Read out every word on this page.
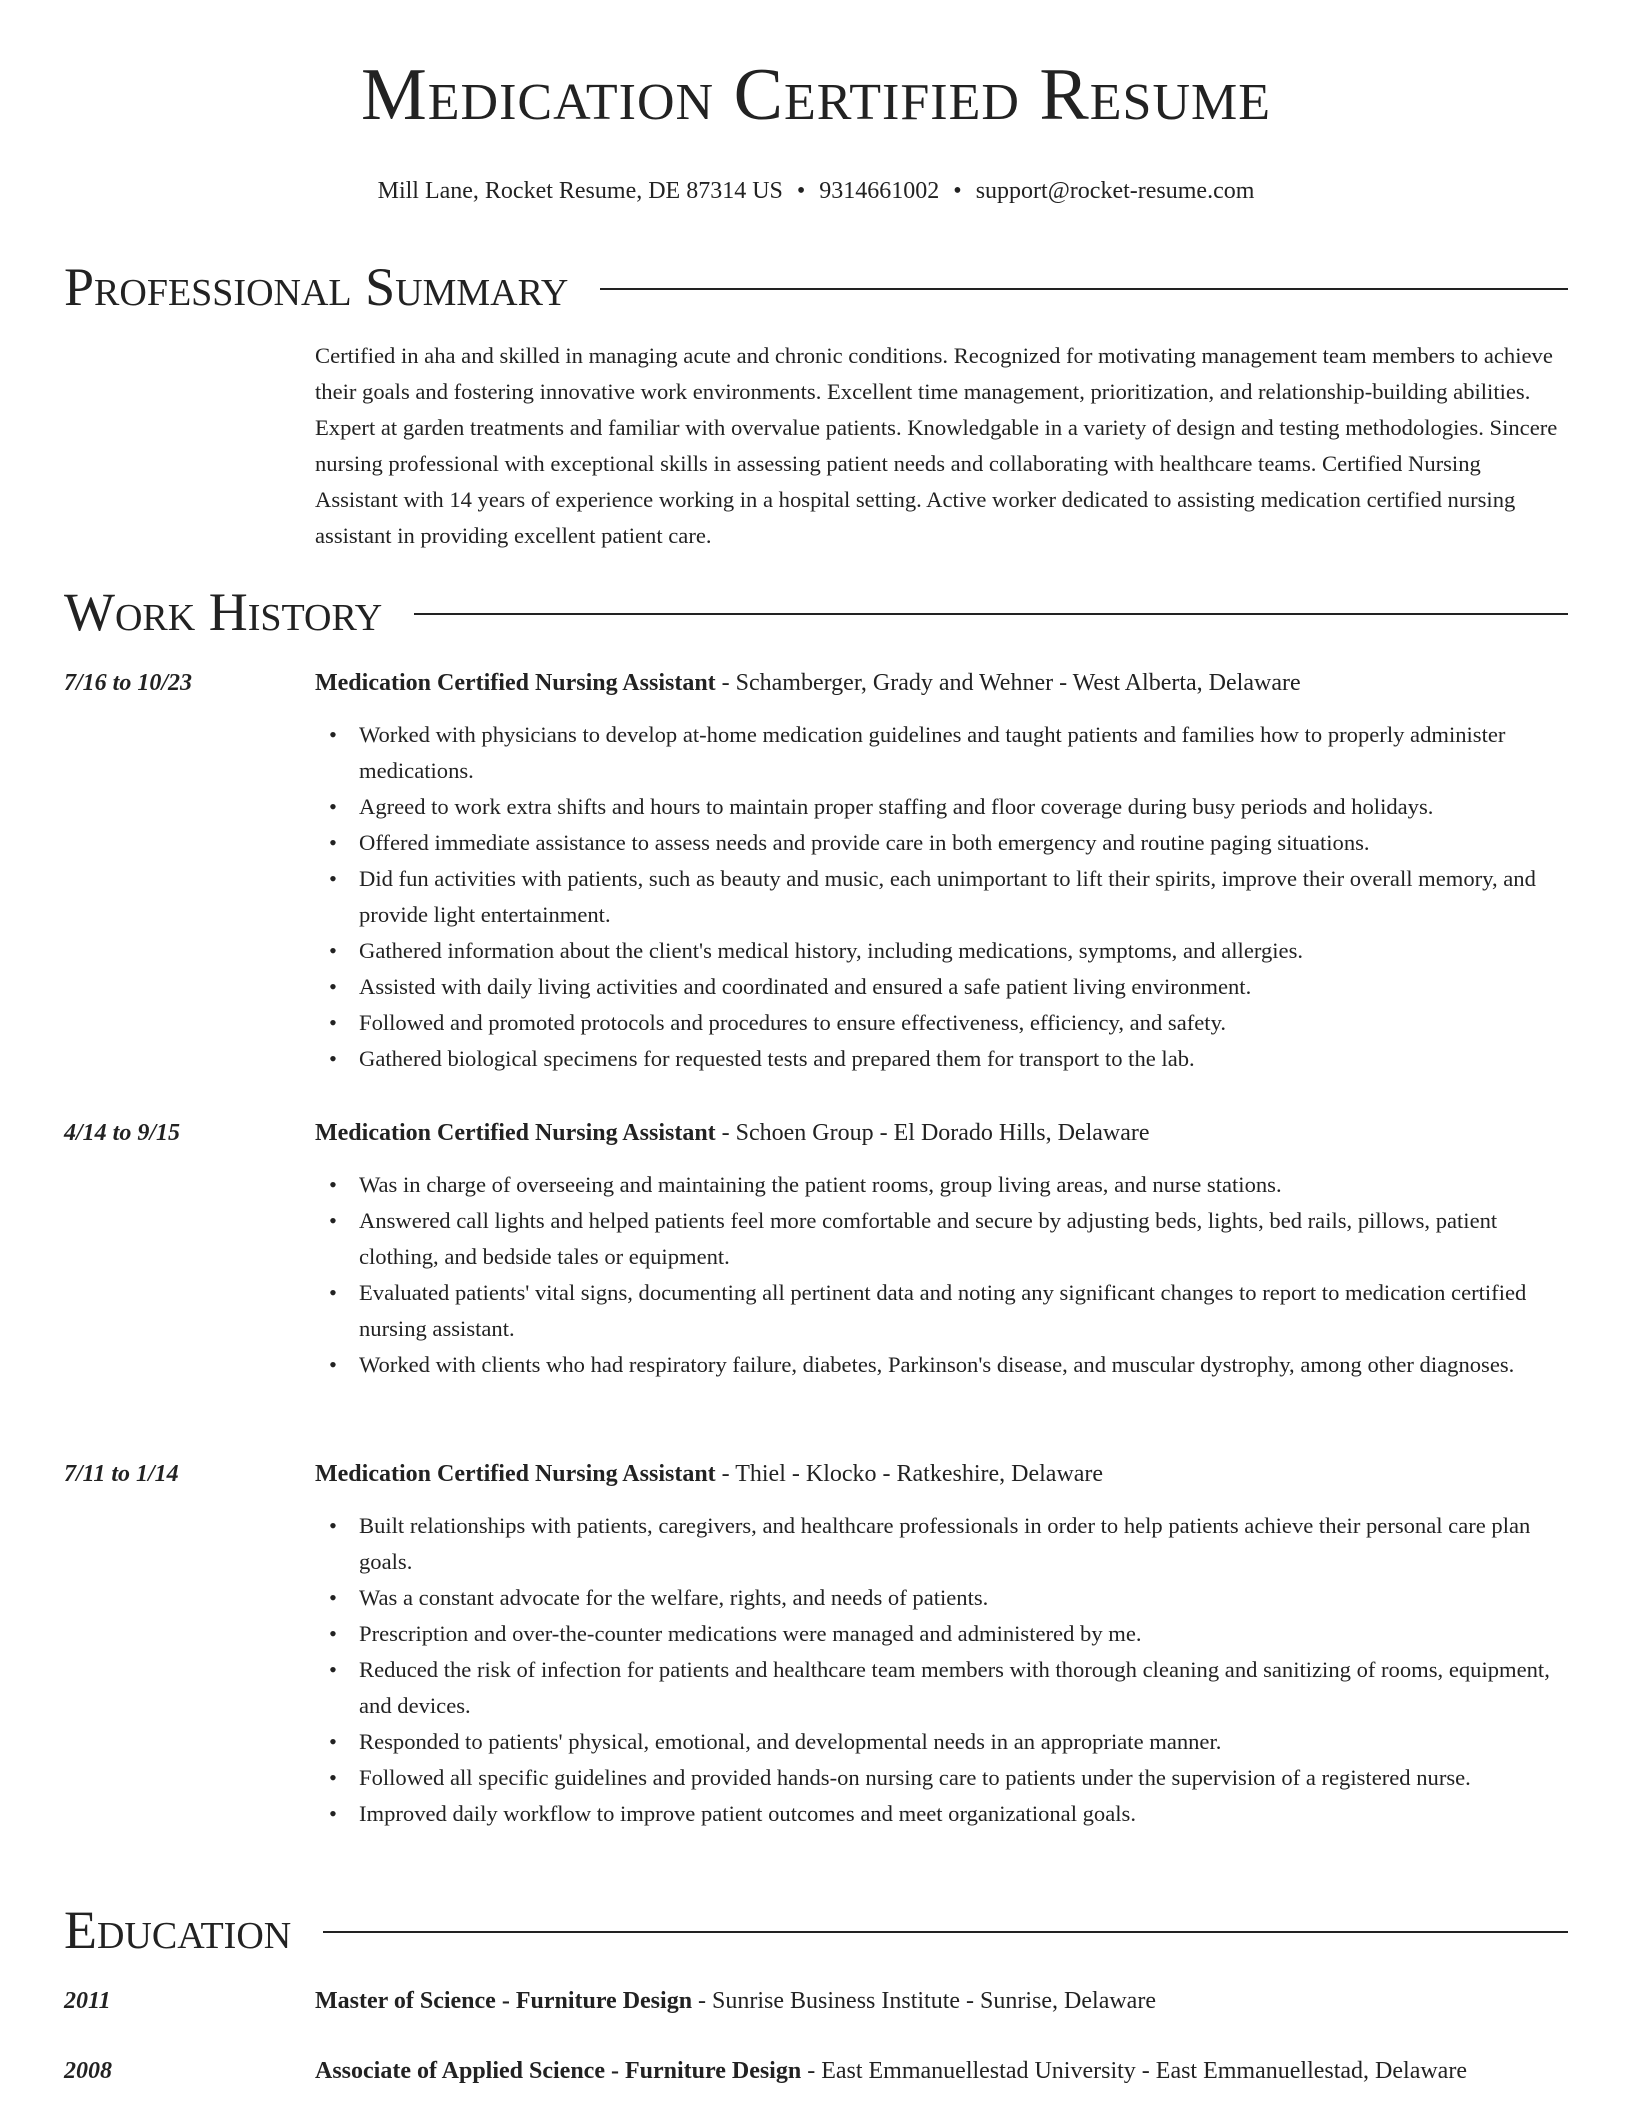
Medication Certified Resume
Mill Lane, Rocket Resume, DE 87314 US • 9314661002 • support@rocket-resume.com
Professional Summary

Certified in aha and skilled in managing acute and chronic conditions. Recognized for motivating management team members to achieve their goals and fostering innovative work environments. Excellent time management, prioritization, and relationship-building abilities. Expert at garden treatments and familiar with overvalue patients. Knowledgable in a variety of design and testing methodologies. Sincere nursing professional with exceptional skills in assessing patient needs and collaborating with healthcare teams. Certified Nursing Assistant with 14 years of experience working in a hospital setting. Active worker dedicated to assisting medication certified nursing assistant in providing excellent patient care.

Work History
7/16 to 10/23	Medication Certified Nursing Assistant - Schamberger, Grady and Wehner - West Alberta, Delaware
• Worked with physicians to develop at-home medication guidelines and taught patients and families how to properly administer medications.
• Agreed to work extra shifts and hours to maintain proper staffing and floor coverage during busy periods and holidays.
• Offered immediate assistance to assess needs and provide care in both emergency and routine paging situations.
• Did fun activities with patients, such as beauty and music, each unimportant to lift their spirits, improve their overall memory, and provide light entertainment.
• Gathered information about the client's medical history, including medications, symptoms, and allergies.
• Assisted with daily living activities and coordinated and ensured a safe patient living environment.
• Followed and promoted protocols and procedures to ensure effectiveness, efficiency, and safety.
• Gathered biological specimens for requested tests and prepared them for transport to the lab.
4/14 to 9/15	Medication Certified Nursing Assistant - Schoen Group - El Dorado Hills, Delaware
• Was in charge of overseeing and maintaining the patient rooms, group living areas, and nurse stations.
• Answered call lights and helped patients feel more comfortable and secure by adjusting beds, lights, bed rails, pillows, patient clothing, and bedside tales or equipment.
• Evaluated patients' vital signs, documenting all pertinent data and noting any significant changes to report to medication certified nursing assistant.
• Worked with clients who had respiratory failure, diabetes, Parkinson's disease, and muscular dystrophy, among other diagnoses.
7/11 to 1/14	Medication Certified Nursing Assistant - Thiel - Klocko - Ratkeshire, Delaware
• Built relationships with patients, caregivers, and healthcare professionals in order to help patients achieve their personal care plan goals.
• Was a constant advocate for the welfare, rights, and needs of patients.
• Prescription and over-the-counter medications were managed and administered by me.
• Reduced the risk of infection for patients and healthcare team members with thorough cleaning and sanitizing of rooms, equipment, and devices.
• Responded to patients' physical, emotional, and developmental needs in an appropriate manner.
• Followed all specific guidelines and provided hands-on nursing care to patients under the supervision of a registered nurse.
• Improved daily workflow to improve patient outcomes and meet organizational goals.
Education
2011	Master of Science - Furniture Design - Sunrise Business Institute - Sunrise, Delaware
2008	Associate of Applied Science - Furniture Design - East Emmanuellestad University - East Emmanuellestad, Delaware
